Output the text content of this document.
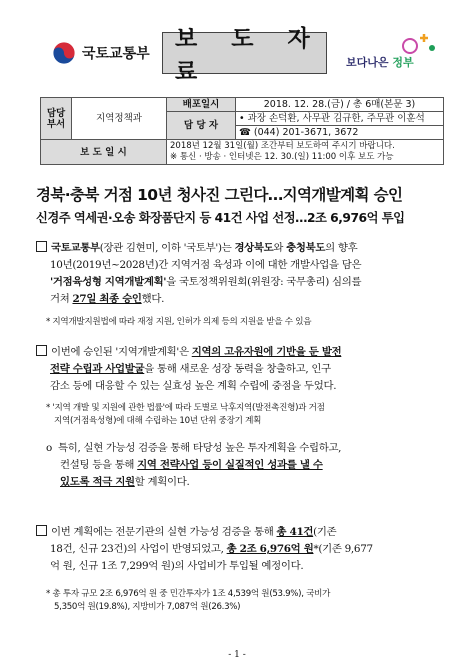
국토교통부
보 도 자 료	보다나은 정부
담당
부서	지역정책과	배포일시	2018. 12. 28.(금) / 총 6매(본문 3)
		담 당 자	• 과장 손덕환, 사무관 김규한, 주무관 이훈석
			☎ (044) 201-3671, 3672
보 도 일 시		2018년 12월 31일(월) 조간부터 보도하여 주시기 바랍니다.
※ 통신 · 방송 · 인터넷은 12. 30.(일) 11:00 이후 보도 가능	
경북·충북 거점 10년 청사진 그린다…지역개발계획 승인
신경주 역세권·오송 화장품단지 등 41건 사업 선정…2조 6,976억 투입
국토교통부(장관 김현미, 이하 '국토부')는 경상북도와 충청북도의 향후
10년(2019년~2028년)간 지역거점 육성과 이에 대한 개발사업을 담은
'거점육성형 지역개발계획'을 국토정책위원회(위원장: 국무총리) 심의를
거쳐 27일 최종 승인했다.
* 지역개발지원법에 따라 재정 지원, 인허가 의제 등의 지원을 받을 수 있음
이번에 승인된 '지역개발계획'은 지역의 고유자원에 기반을 둔 발전
전략 수립과 사업발굴을 통해 새로운 성장 동력을 창출하고, 인구
감소 등에 대응할 수 있는 실효성 높은 계획 수립에 중점을 두었다.
* '지역 개발 및 지원에 관한 법률'에 따라 도별로 낙후지역(발전촉진형)과 거점
지역(거점육성형)에 대해 수립하는 10년 단위 중장기 계획
o 특히, 실현 가능성 검증을 통해 타당성 높은 투자계획을 수립하고,
컨설팅 등을 통해 지역 전략사업 등이 실질적인 성과를 낼 수
있도록 적극 지원할 계획이다.
이번 계획에는 전문기관의 실현 가능성 검증을 통해 총 41건(기존
18건, 신규 23건)의 사업이 반영되었고, 총 2조 6,976억 원*(기존 9,677
억 원, 신규 1조 7,299억 원)의 사업비가 투입될 예정이다.
* 총 투자 규모 2조 6,976억 원 중 민간투자가 1조 4,539억 원(53.9%), 국비가
5,350억 원(19.8%), 지방비가 7,087억 원(26.3%)
- 1 -
